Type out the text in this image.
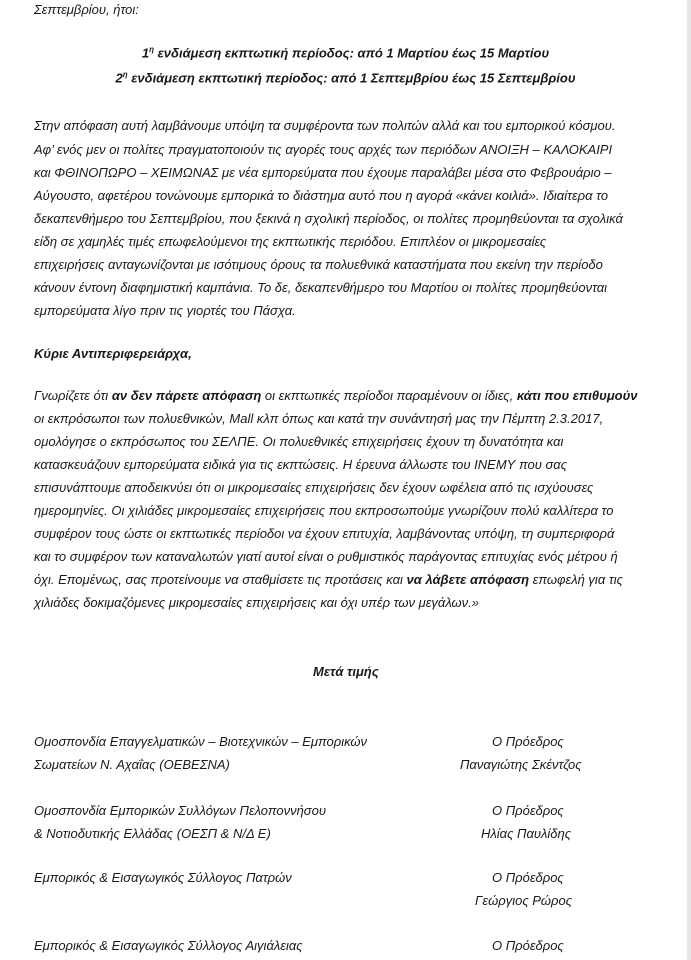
Σεπτεμβρίου, ήτοι:
$1^\eta$ ενδιάμεση εκπτωτική περίοδος: από 1 Μαρτίου έως 15 Μαρτίου
$2^\eta$ ενδιάμεση εκπτωτική περίοδος: από 1 Σεπτεμβρίου έως 15 Σεπτεμβρίου
Στην απόφαση αυτή λαμβάνουμε υπόψη τα συμφέροντα των πολιτών αλλά και του εμπορικού κόσμου.
Αφ’ ενός μεν οι πολίτες πραγματοποιούν τις αγορές τους αρχές των περιόδων ΑΝΟΙΞΗ – ΚΑΛΟΚΑΙΡΙ
και ΦΘΙΝΟΠΩΡΟ – ΧΕΙΜΩΝΑΣ με νέα εμπορεύματα που έχουμε παραλάβει μέσα στο Φεβρουάριο –
Αύγουστο, αφετέρου τονώνουμε εμπορικά το διάστημα αυτό που η αγορά «κάνει κοιλιά». Ιδιαίτερα το
δεκαπενθήμερο του Σεπτεμβρίου, που ξεκινά η σχολική περίοδος, οι πολίτες προμηθεύονται τα σχολικά
είδη σε χαμηλές τιμές επωφελούμενοι της εκπτωτικής περιόδου. Επιπλέον οι μικρομεσαίες
επιχειρήσεις ανταγωνίζονται με ισότιμους όρους τα πολυεθνικά καταστήματα που εκείνη την περίοδο
κάνουν έντονη διαφημιστική καμπάνια. Το δε, δεκαπενθήμερο του Μαρτίου οι πολίτες προμηθεύονται
εμπορεύματα λίγο πριν τις γιορτές του Πάσχα.
Κύριε Αντιπεριφερειάρχα,
Γνωρίζετε ότι αν δεν πάρετε απόφαση οι εκπτωτικές περίοδοι παραμένουν οι ίδιες, κάτι που επιθυμούν
οι εκπρόσωποι των πολυεθνικών, Mall κλπ όπως και κατά την συνάντησή μας την Πέμπτη 2.3.2017,
ομολόγησε ο εκπρόσωπος του ΣΕΛΠΕ. Οι πολυεθνικές επιχειρήσεις έχουν τη δυνατότητα και
κατασκευάζουν εμπορεύματα ειδικά για τις εκπτώσεις. Η έρευνα άλλωστε του ΙΝΕΜΥ που σας
επισυνάπτουμε αποδεικνύει ότι οι μικρομεσαίες επιχειρήσεις δεν έχουν ωφέλεια από τις ισχύουσες
ημερομηνίες. Οι χιλιάδες μικρομεσαίες επιχειρήσεις που εκπροσωπούμε γνωρίζουν πολύ καλλίτερα το
συμφέρον τους ώστε οι εκπτωτικές περίοδοι να έχουν επιτυχία, λαμβάνοντας υπόψη, τη συμπεριφορά
και το συμφέρον των καταναλωτών γιατί αυτοί είναι ο ρυθμιστικός παράγοντας επιτυχίας ενός μέτρου ή
όχι. Επομένως, σας προτείνουμε να σταθμίσετε τις προτάσεις και να λάβετε απόφαση επωφελή για τις
χιλιάδες δοκιμαζόμενες μικρομεσαίες επιχειρήσεις και όχι υπέρ των μεγάλων.»
Μετά τιμής
Ομοσπονδία Επαγγελματικών – Βιοτεχνικών – Εμπορικών
Σωματείων Ν. Αχαΐας (ΟΕΒΕΣΝΑ)
Ο Πρόεδρος
Παναγιώτης Σκέντζος
Ομοσπονδία Εμπορικών Συλλόγων Πελοποννήσου
& Νοτιοδυτικής Ελλάδας (ΟΕΣΠ & Ν/Δ Ε)
Ο Πρόεδρος
Ηλίας Παυλίδης
Εμπορικός & Εισαγωγικός Σύλλογος Πατρών	Ο Πρόεδρος
Γεώργιος Ρώρος
Εμπορικός & Εισαγωγικός Σύλλογος Αιγιάλειας	Ο Πρόεδρος
